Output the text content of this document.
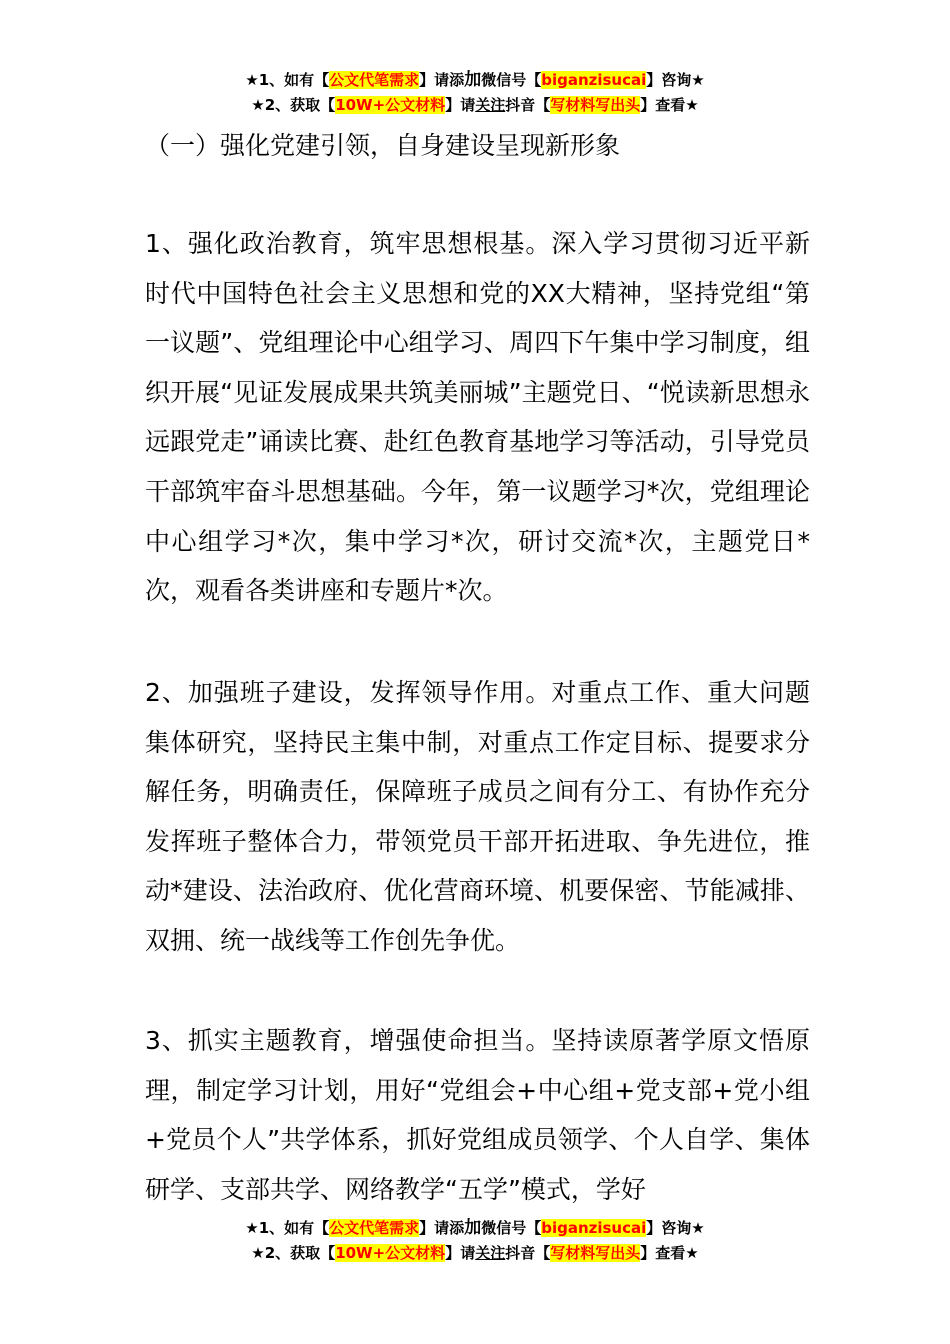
★1、如有【公文代笔需求】请添加微信号【biganzisucai】咨询★
★2、获取【10W+公文材料】请关注抖音【写材料写出头】查看★
（一）强化党建引领，自身建设呈现新形象
1、强化政治教育，筑牢思想根基。深入学习贯彻习近平新时代中国特色社会主义思想和党的XX大精神，坚持党组“第一议题”、党组理论中心组学习、周四下午集中学习制度，组织开展“见证发展成果共筑美丽城”主题党日、“悦读新思想永远跟党走”诵读比赛、赴红色教育基地学习等活动，引导党员干部筑牢奋斗思想基础。今年，第一议题学习*次，党组理论中心组学习*次，集中学习*次，研讨交流*次，主题党日*次，观看各类讲座和专题片*次。
2、加强班子建设，发挥领导作用。对重点工作、重大问题集体研究，坚持民主集中制，对重点工作定目标、提要求分解任务，明确责任，保障班子成员之间有分工、有协作充分发挥班子整体合力，带领党员干部开拓进取、争先进位，推动*建设、法治政府、优化营商环境、机要保密、节能减排、双拥、统一战线等工作创先争优。
3、抓实主题教育，增强使命担当。坚持读原著学原文悟原理，制定学习计划，用好“党组会+中心组+党支部+党小组+党员个人”共学体系，抓好党组成员领学、个人自学、集体研学、支部共学、网络教学“五学”模式，学好
★1、如有【公文代笔需求】请添加微信号【biganzisucai】咨询★
★2、获取【10W+公文材料】请关注抖音【写材料写出头】查看★
